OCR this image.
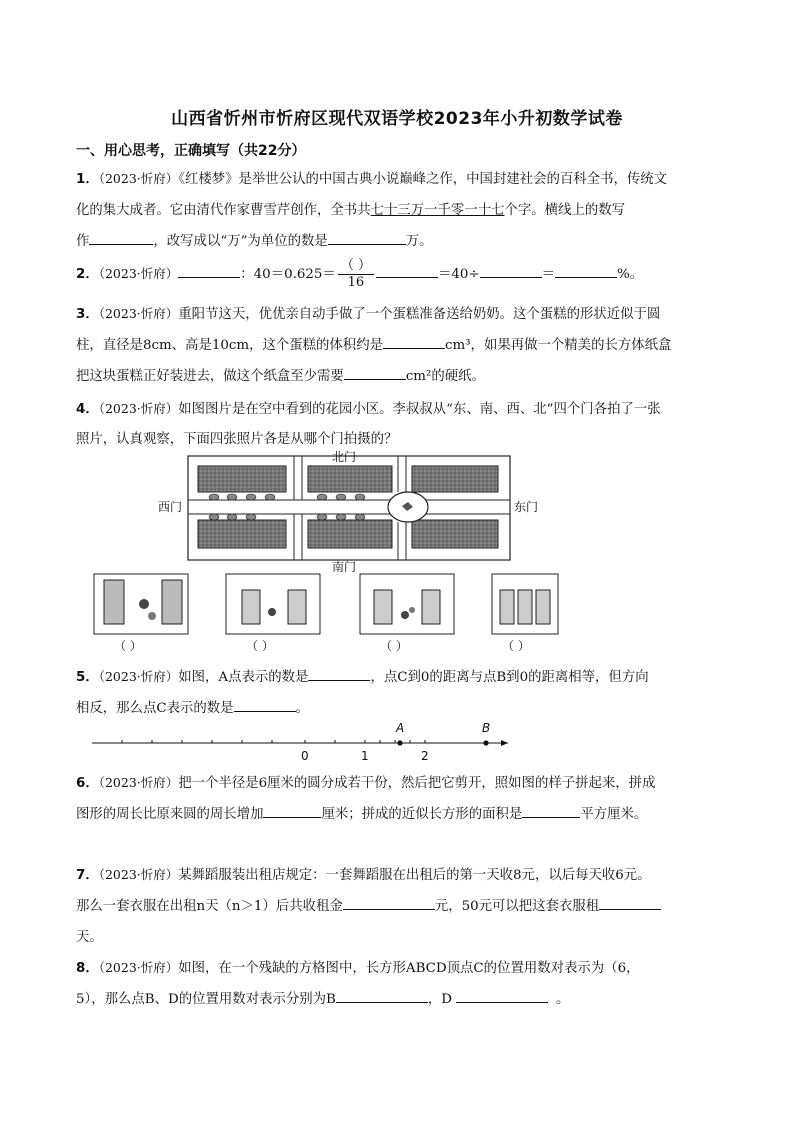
山西省忻州市忻府区现代双语学校2023年小升初数学试卷
一、用心思考，正确填写（共22分）
1．（2023·忻府）《红楼梦》是举世公认的中国古典小说巅峰之作，中国封建社会的百科全书，传统文
化的集大成者。它由清代作家曹雪芹创作，全书共七十三万一千零一十七个字。横线上的数写
作	，改写成以“万”为单位的数是	万。
2．（2023·忻府）	：$40=0.625= \frac{( )}{16}$	＝40÷	＝	%。
3．（2023·忻府）重阳节这天，优优亲自动手做了一个蛋糕准备送给奶奶。这个蛋糕的形状近似于圆
柱，直径是8cm、高是10cm，这个蛋糕的体积约是	cm³，如果再做一个精美的长方体纸盒
把这块蛋糕正好装进去，做这个纸盒至少需要	cm²的硬纸。
4．（2023·忻府）如图图片是在空中看到的花园小区。李叔叔从“东、南、西、北”四个门各拍了一张
照片，认真观察，下面四张照片各是从哪个门拍摄的？
北门
南门
西门	东门
（ ）	（ ）	（ ）	（ ）
5．（2023·忻府）如图，A点表示的数是	，点C到0的距离与点B到0的距离相等，但方向
相反，那么点C表示的数是	。
A	B
0	1	2
6．（2023·忻府）把一个半径是6厘米的圆分成若干份，然后把它剪开，照如图的样子拼起来，拼成
图形的周长比原来圆的周长增加	厘米；拼成的近似长方形的面积是	平方厘米。
7．（2023·忻府）某舞蹈服装出租店规定：一套舞蹈服在出租后的第一天收8元，以后每天收6元。
那么一套衣服在出租n天（n＞1）后共收租金	元，50元可以把这套衣服租
天。
8．（2023·忻府）如图，在一个残缺的方格图中，长方形ABCD顶点C的位置用数对表示为（6，
5），那么点B、D的位置用数对表示分别为B	，D	。
